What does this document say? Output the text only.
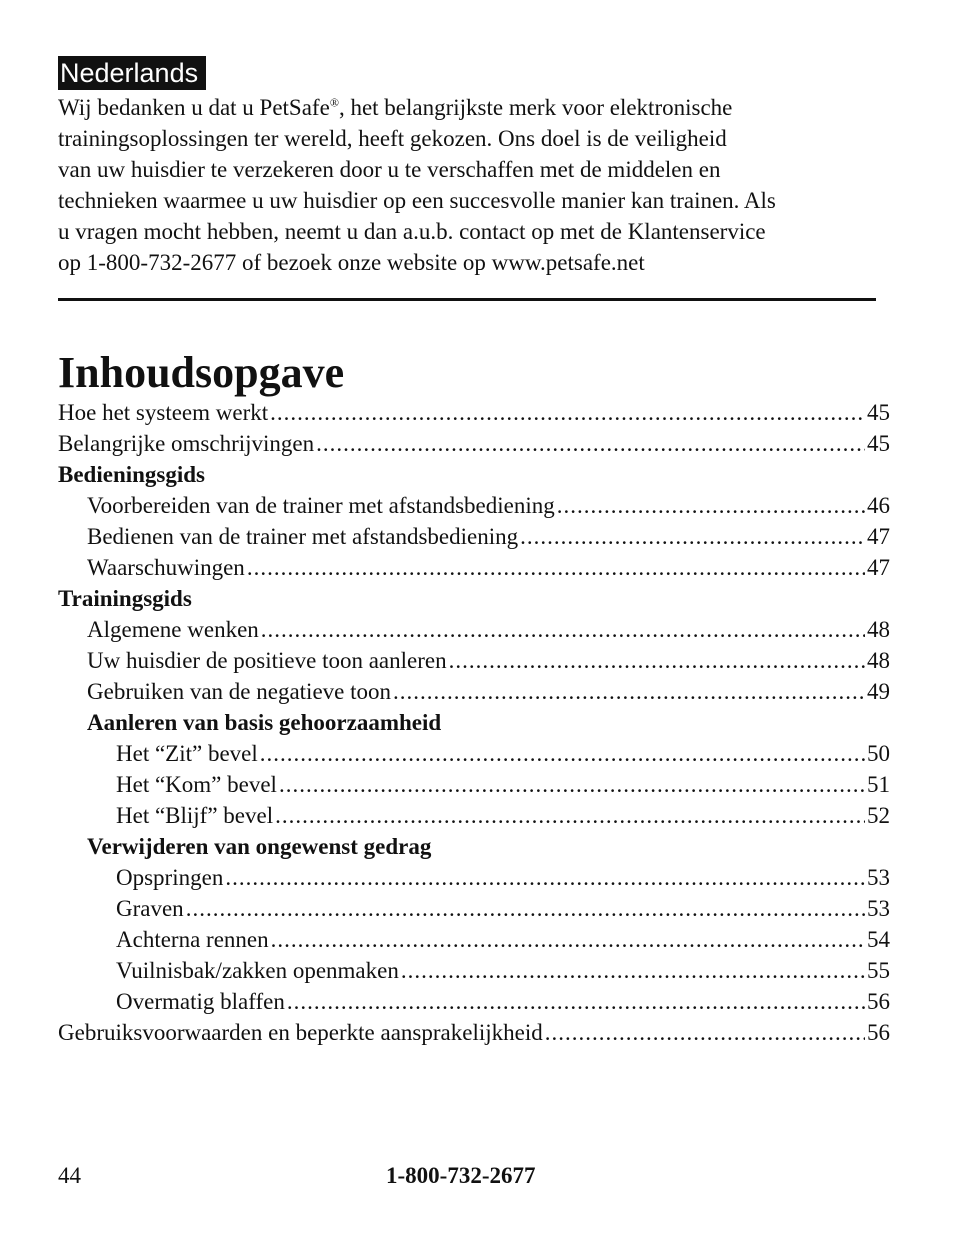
Nederlands
Wij bedanken u dat u PetSafe®, het belangrijkste merk voor elektronische
trainingsoplossingen ter wereld, heeft gekozen. Ons doel is de veiligheid
van uw huisdier te verzekeren door u te verschaffen met de middelen en
technieken waarmee u uw huisdier op een succesvolle manier kan trainen. Als
u vragen mocht hebben, neemt u dan a.u.b. contact op met de Klantenservice
op 1-800-732-2677 of bezoek onze website op www.petsafe.net
Inhoudsopgave
Hoe het systeem werkt .....	45
Belangrijke omschrijvingen .....	45
Bedieningsgids
Voorbereiden van de trainer met afstandsbediening .....	46
Bedienen van de trainer met afstandsbediening .....	47
Waarschuwingen .....	47
Trainingsgids
Algemene wenken .....	48
Uw huisdier de positieve toon aanleren .....	48
Gebruiken van de negatieve toon .....	49
Aanleren van basis gehoorzaamheid
Het “Zit” bevel .....	50
Het “Kom” bevel .....	51
Het “Blijf” bevel .....	52
Verwijderen van ongewenst gedrag
Opspringen .....	53
Graven .....	53
Achterna rennen .....	54
Vuilnisbak/zakken openmaken .....	55
Overmatig blaffen .....	56
Gebruiksvoorwaarden en beperkte aansprakelijkheid .....	56
44	1-800-732-2677
